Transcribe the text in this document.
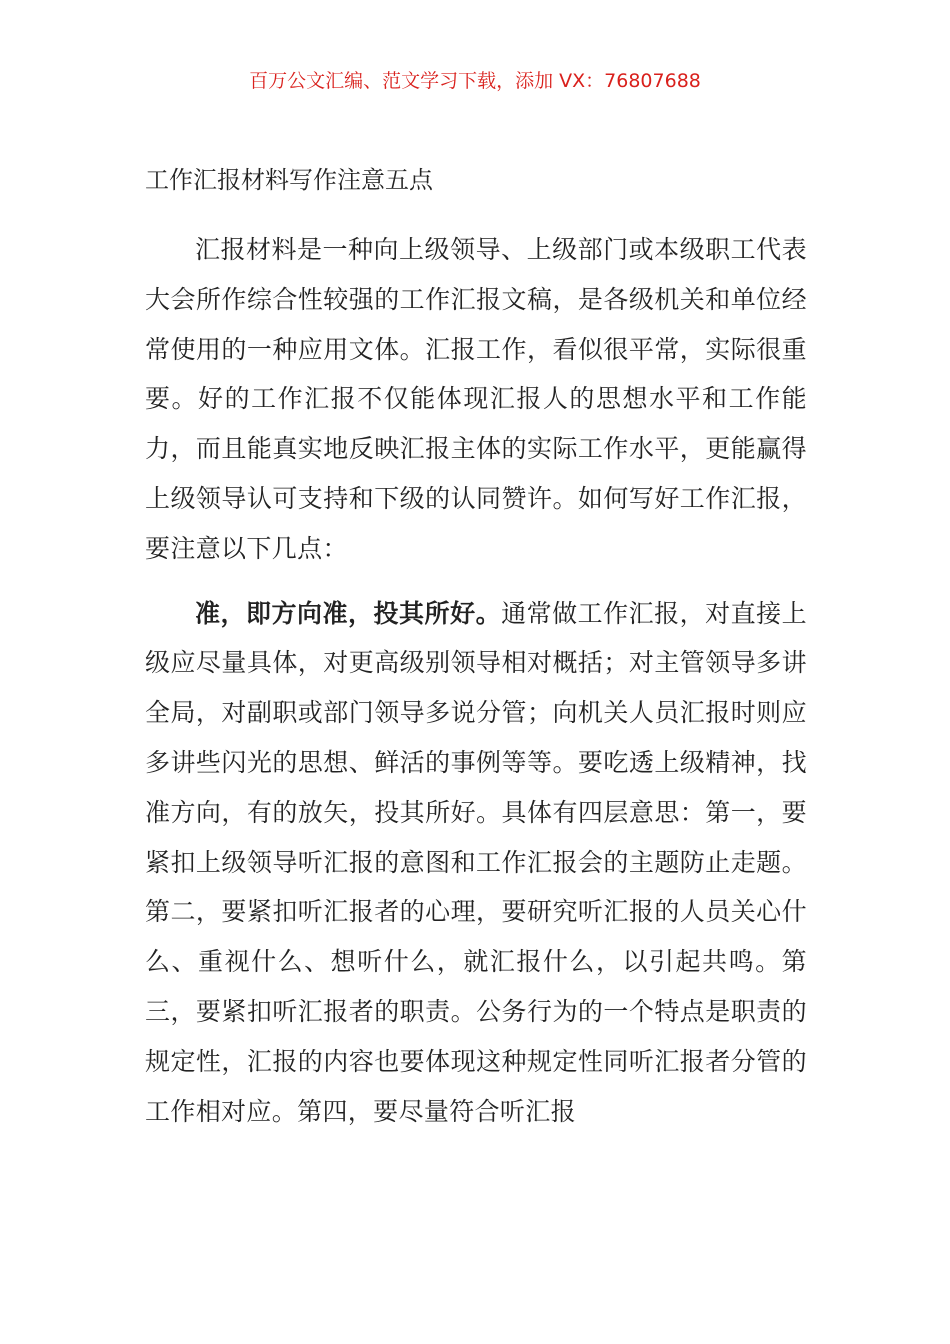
百万公文汇编、范文学习下载，添加 VX：76807688
工作汇报材料写作注意五点

汇报材料是一种向上级领导、上级部门或本级职工代表大会所作综合性较强的工作汇报文稿，是各级机关和单位经常使用的一种应用文体。汇报工作，看似很平常，实际很重要。好的工作汇报不仅能体现汇报人的思想水平和工作能力，而且能真实地反映汇报主体的实际工作水平，更能赢得上级领导认可支持和下级的认同赞许。如何写好工作汇报，要注意以下几点：

准，即方向准，投其所好。通常做工作汇报，对直接上级应尽量具体，对更高级别领导相对概括；对主管领导多讲全局，对副职或部门领导多说分管；向机关人员汇报时则应多讲些闪光的思想、鲜活的事例等等。要吃透上级精神，找准方向，有的放矢，投其所好。具体有四层意思：第一，要紧扣上级领导听汇报的意图和工作汇报会的主题防止走题。第二，要紧扣听汇报者的心理，要研究听汇报的人员关心什么、重视什么、想听什么，就汇报什么，以引起共鸣。第三，要紧扣听汇报者的职责。公务行为的一个特点是职责的规定性，汇报的内容也要体现这种规定性同听汇报者分管的工作相对应。第四，要尽量符合听汇报
